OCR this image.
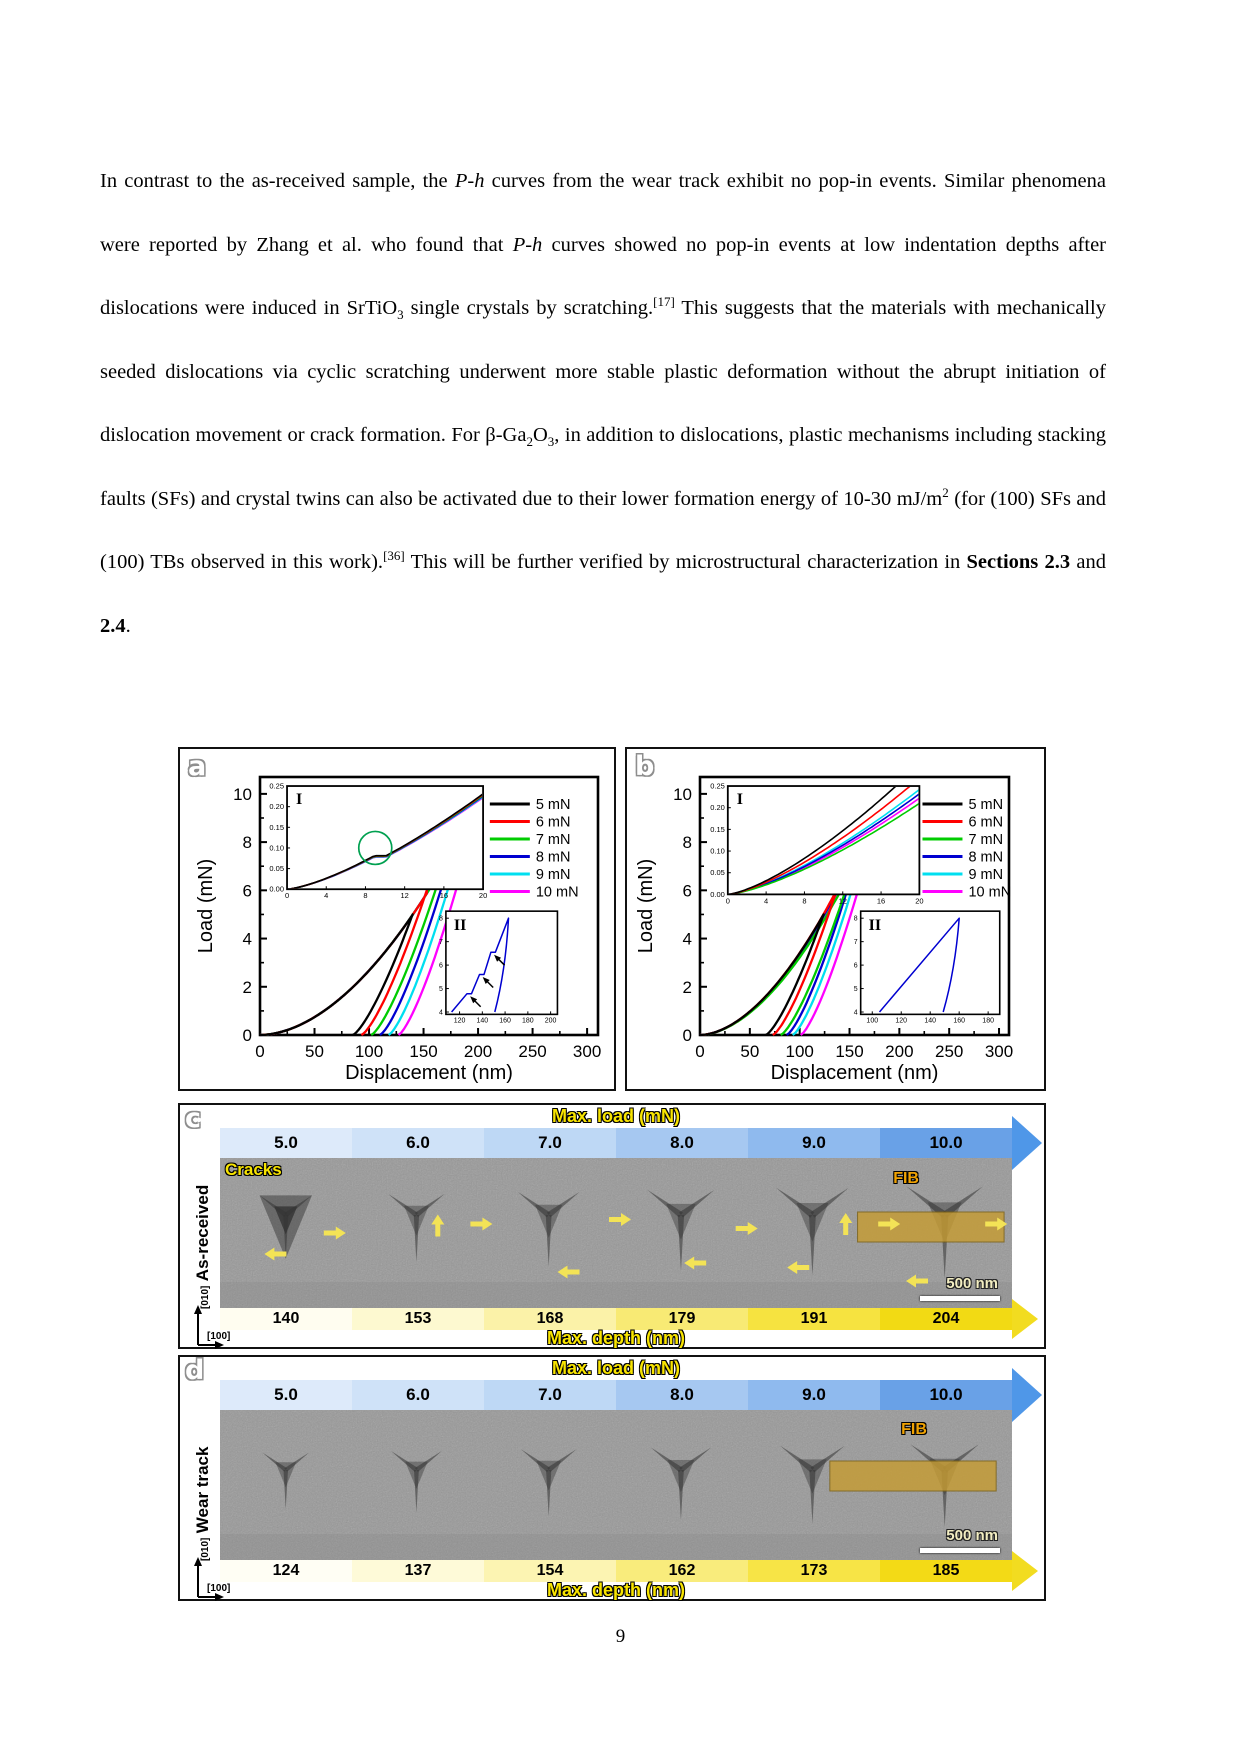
In contrast to the as-received sample, the P-h curves from the wear track exhibit no pop-in events. Similar phenomena were reported by Zhang et al. who found that P-h curves showed no pop-in events at low indentation depths after dislocations were induced in SrTiO$_3$ single crystals by scratching.[17] This suggests that the materials with mechanically seeded dislocations via cyclic scratching underwent more stable plastic deformation without the abrupt initiation of dislocation movement or crack formation. For $\beta-Ga_2O_3$, in addition to dislocations, plastic mechanisms including stacking faults (SFs) and crystal twins can also be activated due to their lower formation energy of 10-30 $mJ/m^2$ (for (100) SFs and (100) TBs observed in this work).[36] This will be further verified by microstructural characterization in Sections 2.3 and 2.4.
a
0 50 100 150 200 250 300
0
2
4
6
8
10
Displacement (nm)
Load (mN)	0.00
0.05
0.10
0.15
0.20
0.25
0	4	8	12	16	20
I
4
5
6
7
8
120 140 160 180 200
II
5 mN
6 mN
7 mN
8 mN
9 mN
10 mN
b
0 50 100 150 200 250 300
0
2
4
6
8
10
Displacement (nm)
Load (mN)	0.00
0.05
0.10
0.15
0.20
0.25
0	4	8	12	16	20
I
4
5
6
7
8
100 120 140 160 180
II
5 mN
6 mN
7 mN
8 mN
9 mN
10 mN
c	Max. load (mN)
5.0	6.0	7.0	8.0	9.0	10.0
Cracks	FIB
500 nm
140	153	168	179	191	204
Max. depth (nm)
[010] As-received
[100]
d	Max. load (mN)
5.0	6.0	7.0	8.0	9.0	10.0
FIB
500 nm
124	137	154	162	173	185
Max. depth (nm)
[010] Wear track
[100]
9
